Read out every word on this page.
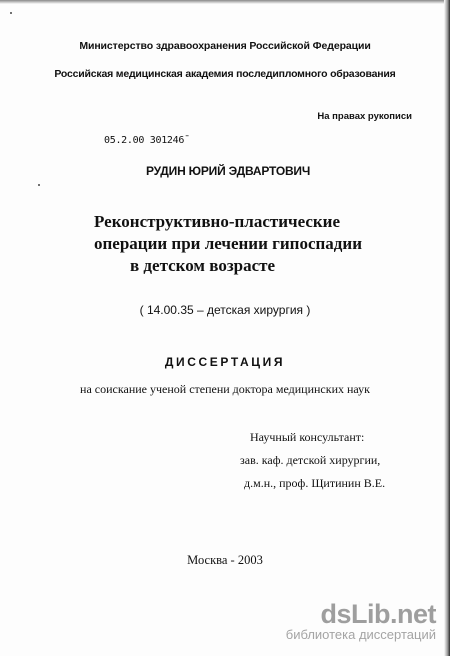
Министерство здравоохранения Российской Федерации
Российская медицинская академия последипломного образования
На правах рукописи
05.2.00 301246ˉ
РУДИН ЮРИЙ ЭДВАРТОВИЧ
Реконструктивно-пластические
операции при лечении гипоспадии
в детском возрасте
( 14.00.35 – детская хирургия )
ДИССЕРТАЦИЯ
на соискание ученой степени доктора медицинских наук
Научный консультант:
зав. каф. детской хирургии,
д.м.н., проф. Щитинин В.Е.
Москва - 2003
dsLib.net
библиотека диссертаций
